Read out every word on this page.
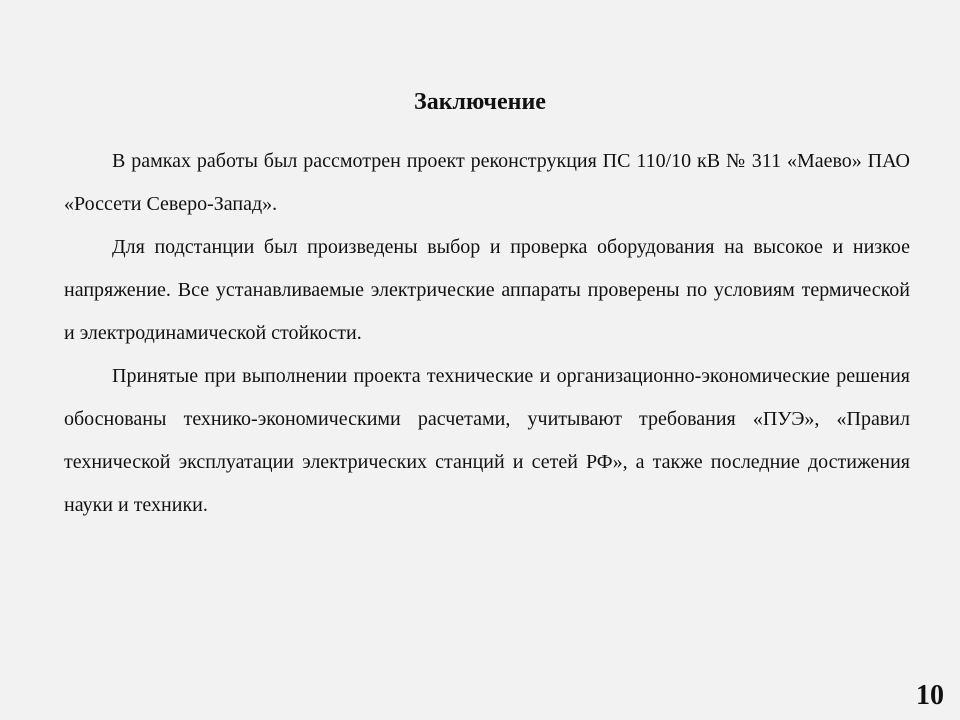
Заключение

В рамках работы был рассмотрен проект реконструкция ПС 110/10 кВ № 311 «Маево» ПАО «Россети Северо-Запад».

Для подстанции был произведены выбор и проверка оборудования на высокое и низкое напряжение. Все устанавливаемые электрические аппараты проверены по условиям термической и электродинамической стойкости.

Принятые при выполнении проекта технические и организационно-экономические решения обоснованы технико-экономическими расчетами, учитывают требования «ПУЭ», «Правил технической эксплуатации электрических станций и сетей РФ», а также последние достижения науки и техники.

10
